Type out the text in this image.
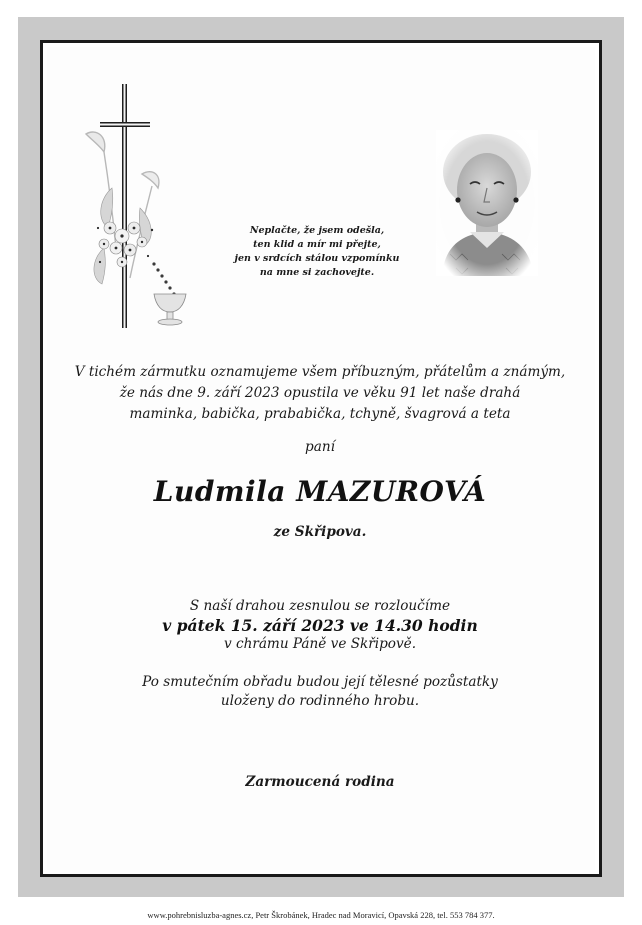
Neplačte, že jsem odešla,
ten klid a mír mi přejte,
jen v srdcích stálou vzpomínku
na mne si zachovejte.
V tichém zármutku oznamujeme všem příbuzným, přátelům a známým,
že nás dne 9. září 2023 opustila ve věku 91 let naše drahá
maminka, babička, prababička, tchyně, švagrová a teta
paní
Ludmila MAZUROVÁ
ze Skřipova.
S naší drahou zesnulou se rozloučíme
v pátek 15. září 2023 ve 14.30 hodin
v chrámu Páně ve Skřipově.
Po smutečním obřadu budou její tělesné pozůstatky
uloženy do rodinného hrobu.
Zarmoucená rodina
www.pohrebnisluzba-agnes.cz, Petr Škrobánek, Hradec nad Moravicí, Opavská 228, tel. 553 784 377.
